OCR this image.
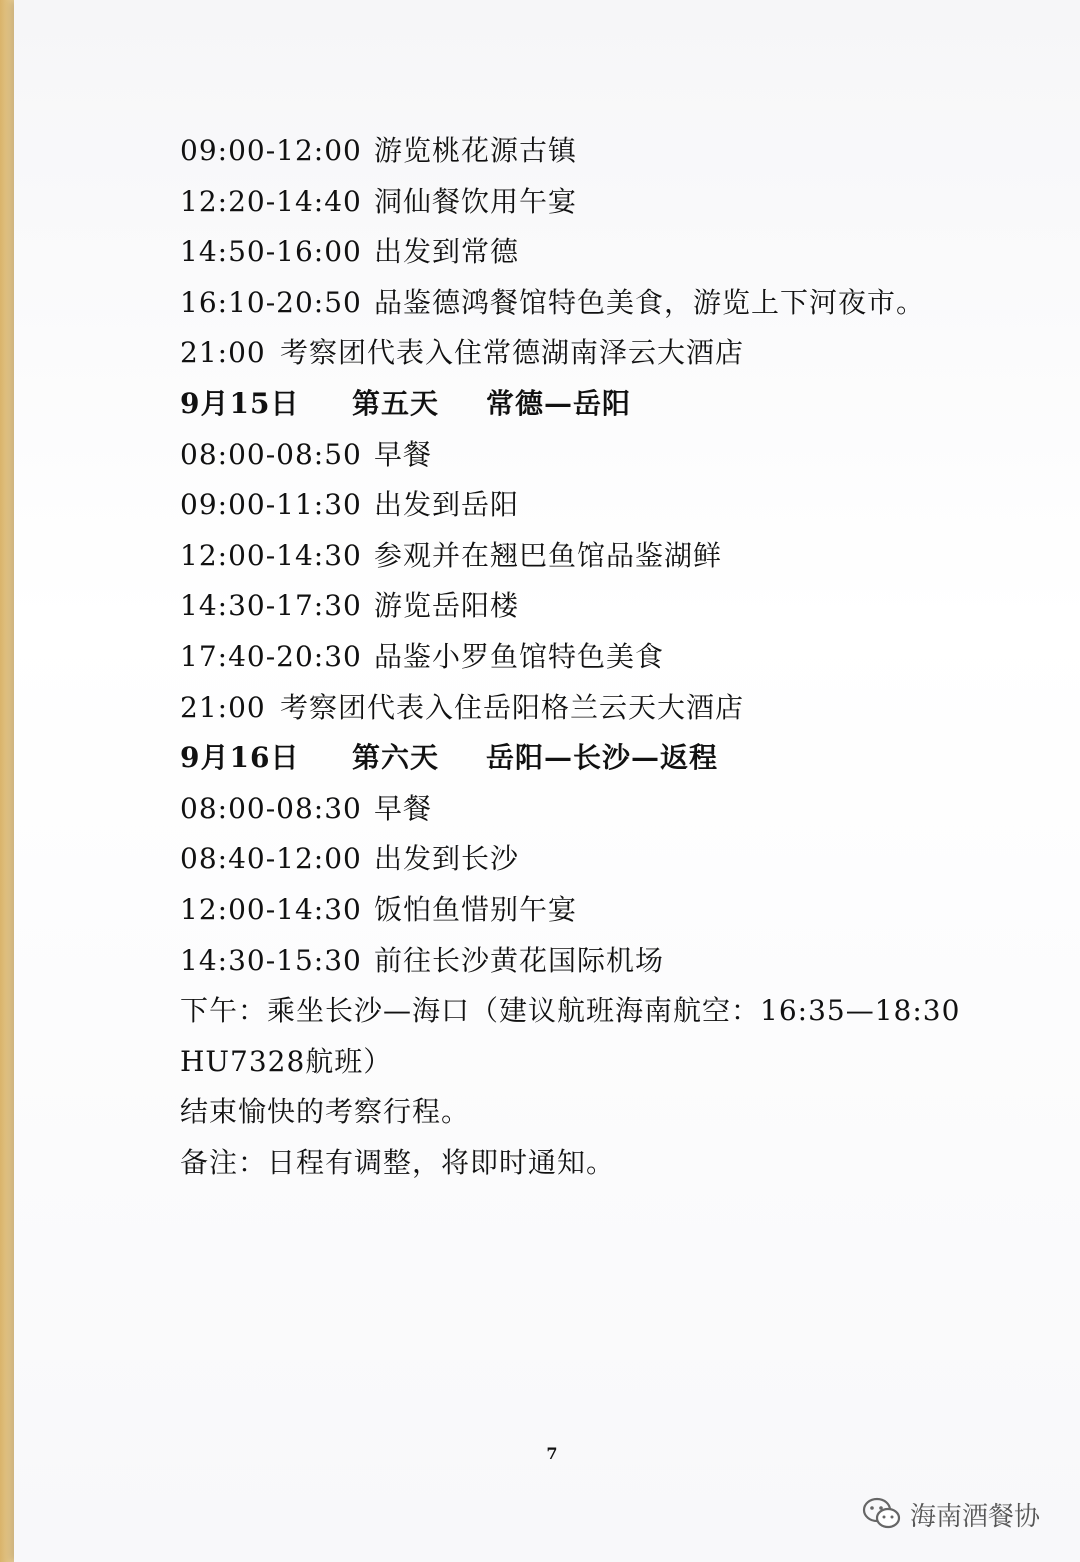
09:00-12:00 游览桃花源古镇
12:20-14:40 洞仙餐饮用午宴
14:50-16:00 出发到常德
16:10-20:50 品鉴德鸿餐馆特色美食，游览上下河夜市。
21:00 考察团代表入住常德湖南泽云大酒店
9月15日 第五天 常德—岳阳
08:00-08:50 早餐
09:00-11:30 出发到岳阳
12:00-14:30 参观并在翘巴鱼馆品鉴湖鲜
14:30-17:30 游览岳阳楼
17:40-20:30 品鉴小罗鱼馆特色美食
21:00 考察团代表入住岳阳格兰云天大酒店
9月16日 第六天 岳阳—长沙—返程
08:00-08:30 早餐
08:40-12:00 出发到长沙
12:00-14:30 饭怕鱼惜别午宴
14:30-15:30 前往长沙黄花国际机场
下午：乘坐长沙—海口（建议航班海南航空：16:35—18:30
HU7328航班）
结束愉快的考察行程。
备注：日程有调整，将即时通知。
7
海南酒餐协
